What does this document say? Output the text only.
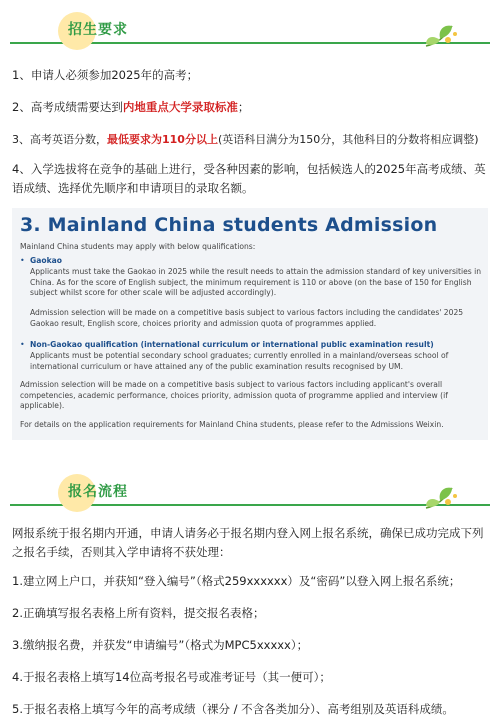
招生要求
1、申请人必须参加2025年的高考；
2、高考成绩需要达到内地重点大学录取标准；
3、高考英语分数，最低要求为110分以上(英语科目满分为150分，其他科目的分数将相应调整)
4、入学选拔将在竞争的基础上进行，受各种因素的影响，包括候选人的2025年高考成绩、英语成绩、选择优先顺序和申请项目的录取名额。
3. Mainland China students Admission
Mainland China students may apply with below qualifications:
• Gaokao
Applicants must take the Gaokao in 2025 while the result needs to attain the admission standard of key universities in China. As for the score of English subject, the minimum requirement is 110 or above (on the base of 150 for English subject whilst score for other scale will be adjusted accordingly).
Admission selection will be made on a competitive basis subject to various factors including the candidates' 2025 Gaokao result, English score, choices priority and admission quota of programmes applied.
• Non-Gaokao qualification (international curriculum or international public examination result)
Applicants must be potential secondary school graduates; currently enrolled in a mainland/overseas school of international curriculum or have attained any of the public examination results recognised by UM.
Admission selection will be made on a competitive basis subject to various factors including applicant's overall competencies, academic performance, choices priority, admission quota of programme applied and interview (if applicable).
For details on the application requirements for Mainland China students, please refer to the Admissions Weixin.
报名流程
网报系统于报名期内开通，申请人请务必于报名期内登入网上报名系统，确保已成功完成下列之报名手续，否则其入学申请将不获处理：
1.建立网上户口，并获知“登入编号”（格式259xxxxxx）及“密码”以登入网上报名系统；
2.正确填写报名表格上所有资料，提交报名表格；
3.缴纳报名费，并获发“申请编号”（格式为MPC5xxxxx）；
4.于报名表格上填写14位高考报名号或准考证号（其一便可）；
5.于报名表格上填写今年的高考成绩（裸分 / 不含各类加分）、高考组别及英语科成绩。
